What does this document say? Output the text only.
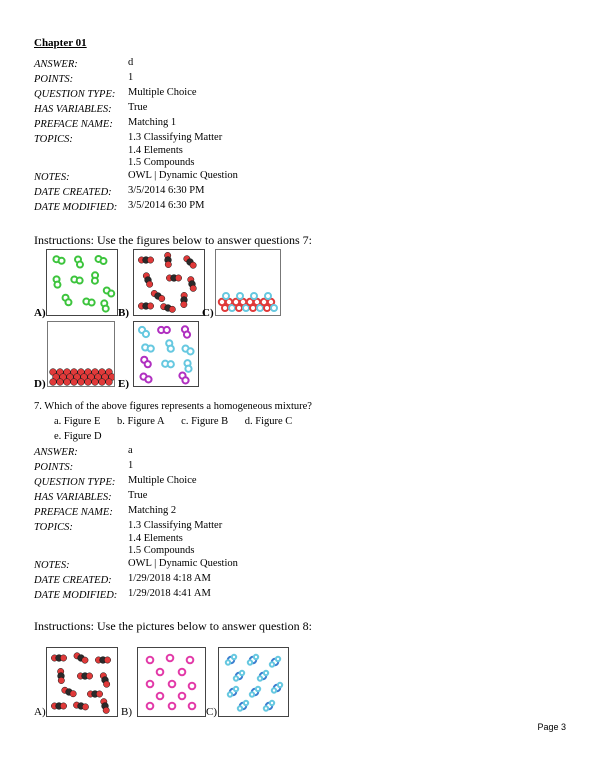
Chapter 01
ANSWER:	d
POINTS:	1
QUESTION TYPE:	Multiple Choice
HAS VARIABLES:	True
PREFACE NAME:	Matching 1
TOPICS:	1.3 Classifying Matter
1.4 Elements
1.5 Compounds
NOTES:	OWL | Dynamic Question
DATE CREATED:	3/5/2014 6:30 PM
DATE MODIFIED:	3/5/2014 6:30 PM
Instructions: Use the figures below to answer questions 7:
A)	B)	C)
D)	E)
7. Which of the above figures represents a homogeneous mixture?
a. Figure E b. Figure A c. Figure B d. Figure C
e. Figure D
ANSWER:	a
POINTS:	1
QUESTION TYPE:	Multiple Choice
HAS VARIABLES:	True
PREFACE NAME:	Matching 2
TOPICS:	1.3 Classifying Matter
1.4 Elements
1.5 Compounds
NOTES:	OWL | Dynamic Question
DATE CREATED:	1/29/2018 4:18 AM
DATE MODIFIED:	1/29/2018 4:41 AM
Instructions: Use the pictures below to answer question 8:
A)	B)	C)
Page 3
